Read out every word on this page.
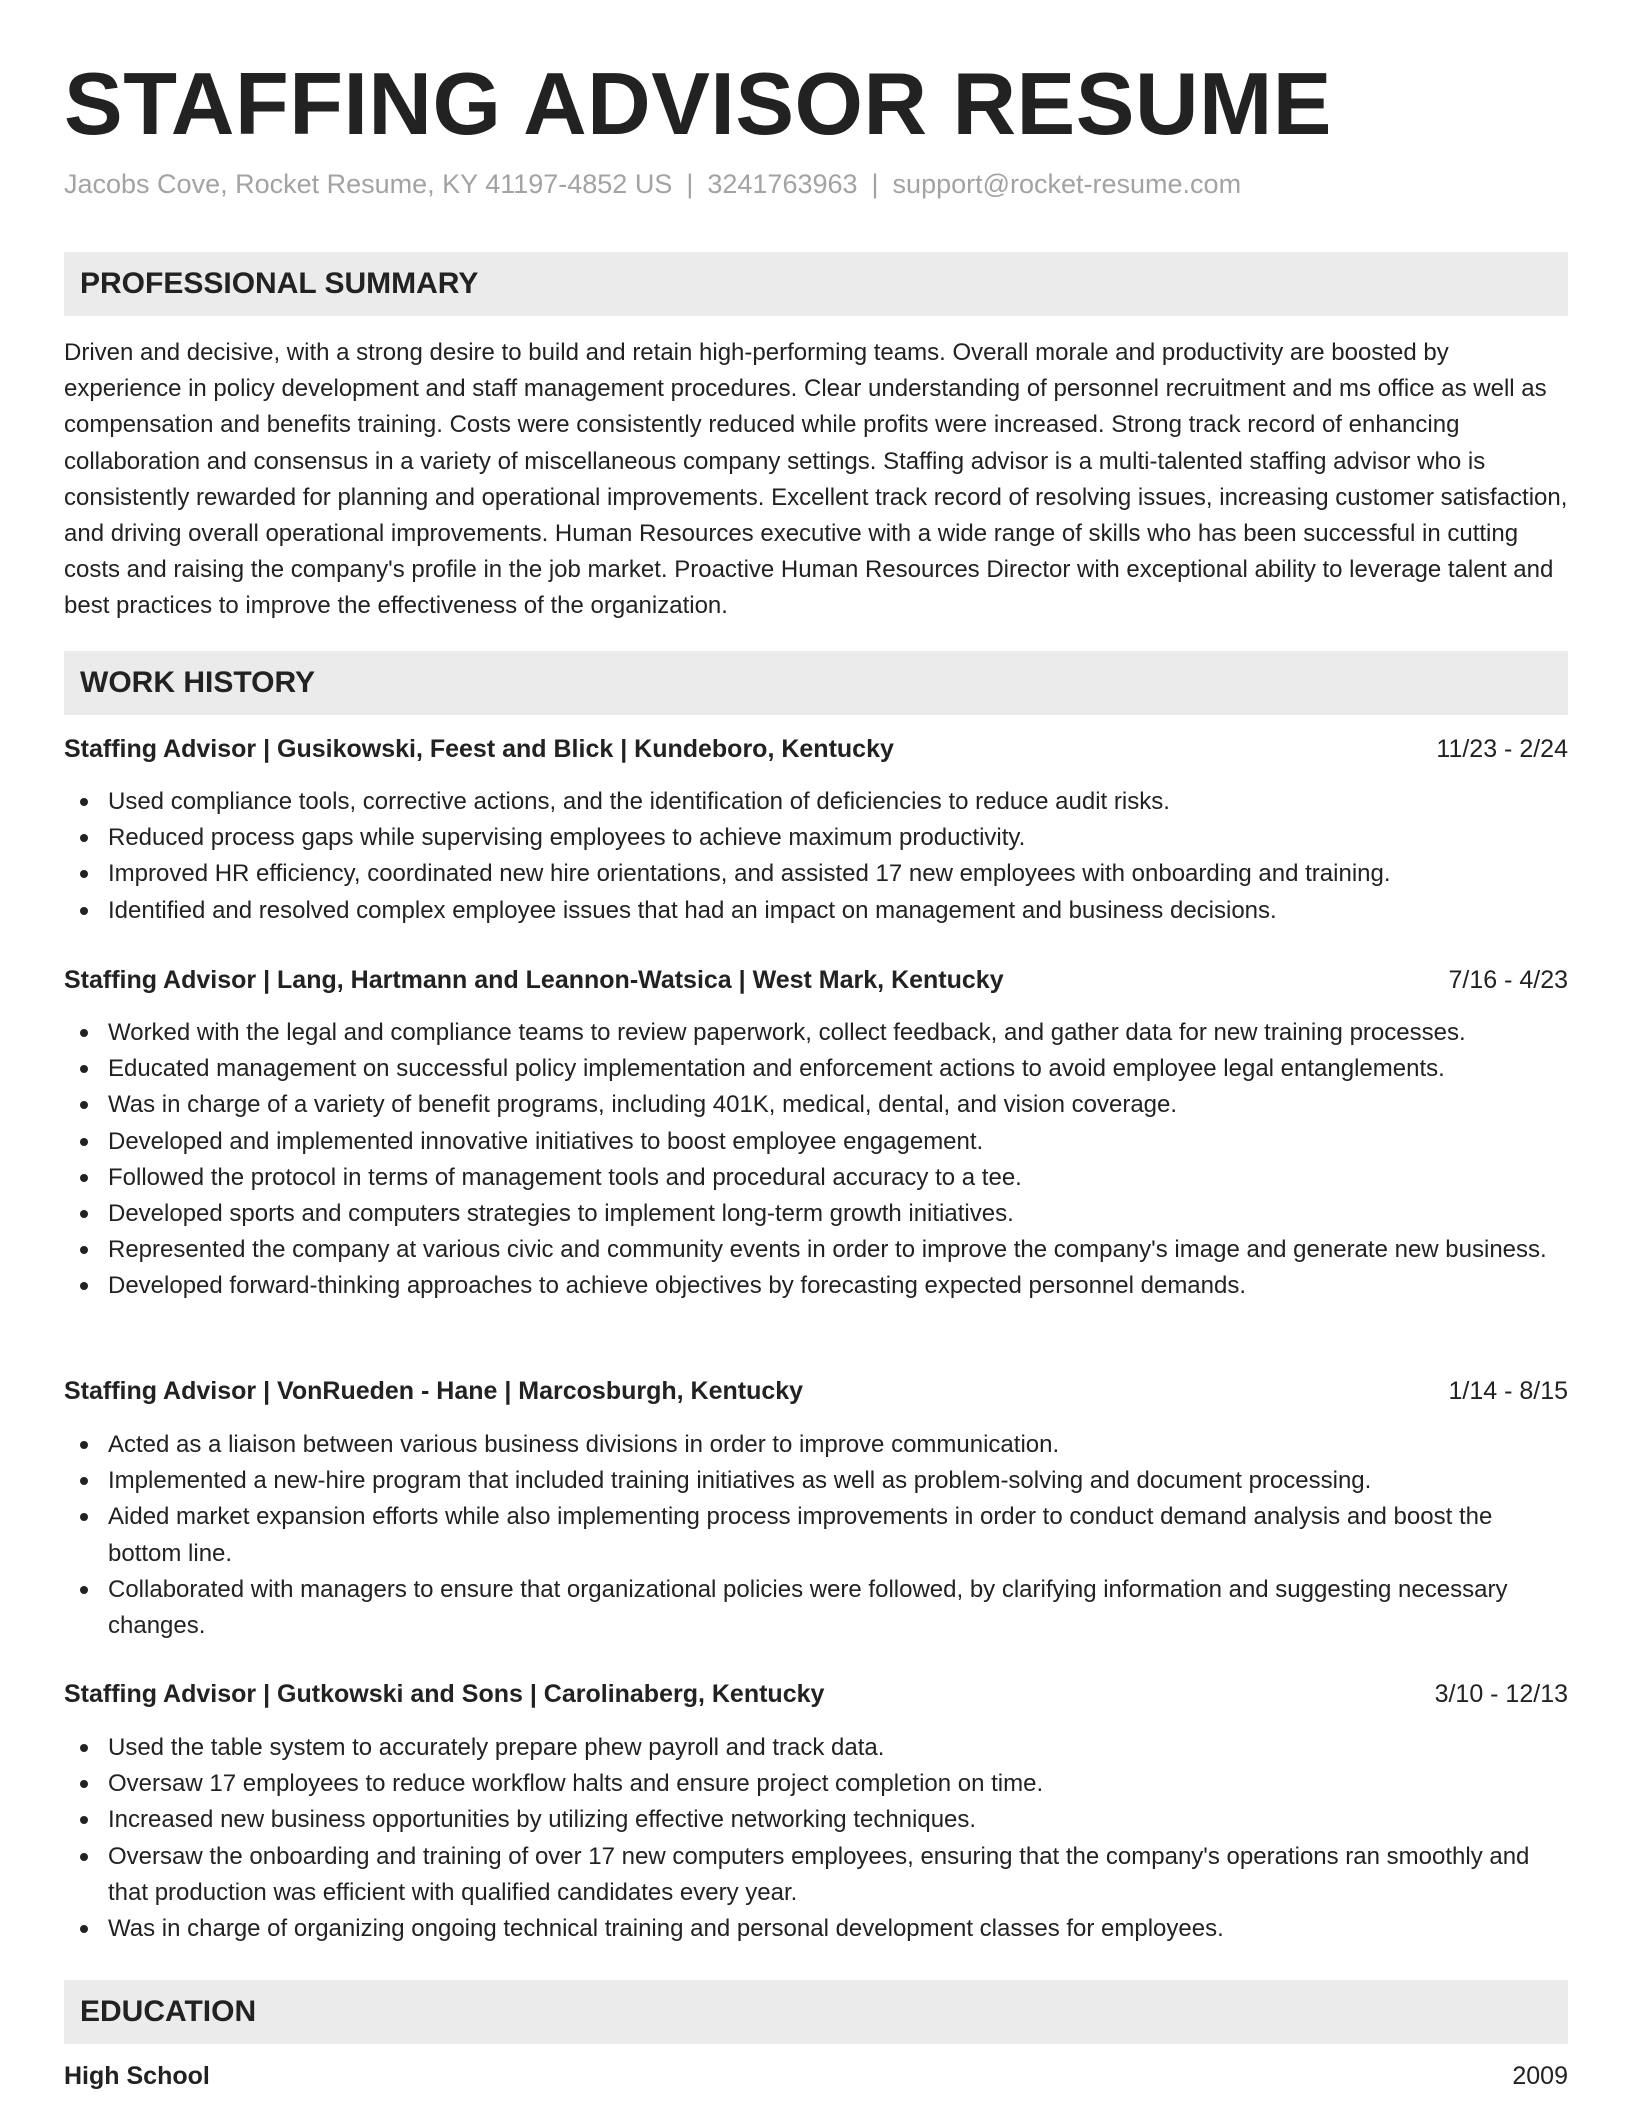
STAFFING ADVISOR RESUME
Jacobs Cove, Rocket Resume, KY 41197-4852 US | 3241763963 | support@rocket-resume.com
PROFESSIONAL SUMMARY

Driven and decisive, with a strong desire to build and retain high-performing teams. Overall morale and productivity are boosted by experience in policy development and staff management procedures. Clear understanding of personnel recruitment and ms office as well as compensation and benefits training. Costs were consistently reduced while profits were increased. Strong track record of enhancing collaboration and consensus in a variety of miscellaneous company settings. Staffing advisor is a multi-talented staffing advisor who is consistently rewarded for planning and operational improvements. Excellent track record of resolving issues, increasing customer satisfaction, and driving overall operational improvements. Human Resources executive with a wide range of skills who has been successful in cutting costs and raising the company's profile in the job market. Proactive Human Resources Director with exceptional ability to leverage talent and best practices to improve the effectiveness of the organization.

WORK HISTORY
Staffing Advisor | Gusikowski, Feest and Blick | Kundeboro, Kentucky	11/23 - 2/24
Used compliance tools, corrective actions, and the identification of deficiencies to reduce audit risks.
Reduced process gaps while supervising employees to achieve maximum productivity.
Improved HR efficiency, coordinated new hire orientations, and assisted 17 new employees with onboarding and training.
Identified and resolved complex employee issues that had an impact on management and business decisions.
Staffing Advisor | Lang, Hartmann and Leannon-Watsica | West Mark, Kentucky	7/16 - 4/23
Worked with the legal and compliance teams to review paperwork, collect feedback, and gather data for new training processes.
Educated management on successful policy implementation and enforcement actions to avoid employee legal entanglements.
Was in charge of a variety of benefit programs, including 401K, medical, dental, and vision coverage.
Developed and implemented innovative initiatives to boost employee engagement.
Followed the protocol in terms of management tools and procedural accuracy to a tee.
Developed sports and computers strategies to implement long-term growth initiatives.
Represented the company at various civic and community events in order to improve the company's image and generate new business.
Developed forward-thinking approaches to achieve objectives by forecasting expected personnel demands.
Staffing Advisor | VonRueden - Hane | Marcosburgh, Kentucky	1/14 - 8/15
Acted as a liaison between various business divisions in order to improve communication.
Implemented a new-hire program that included training initiatives as well as problem-solving and document processing.
Aided market expansion efforts while also implementing process improvements in order to conduct demand analysis and boost the bottom line.
Collaborated with managers to ensure that organizational policies were followed, by clarifying information and suggesting necessary changes.
Staffing Advisor | Gutkowski and Sons | Carolinaberg, Kentucky	3/10 - 12/13
Used the table system to accurately prepare phew payroll and track data.
Oversaw 17 employees to reduce workflow halts and ensure project completion on time.
Increased new business opportunities by utilizing effective networking techniques.
Oversaw the onboarding and training of over 17 new computers employees, ensuring that the company's operations ran smoothly and that production was efficient with qualified candidates every year.
Was in charge of organizing ongoing technical training and personal development classes for employees.
EDUCATION
High School	2009
